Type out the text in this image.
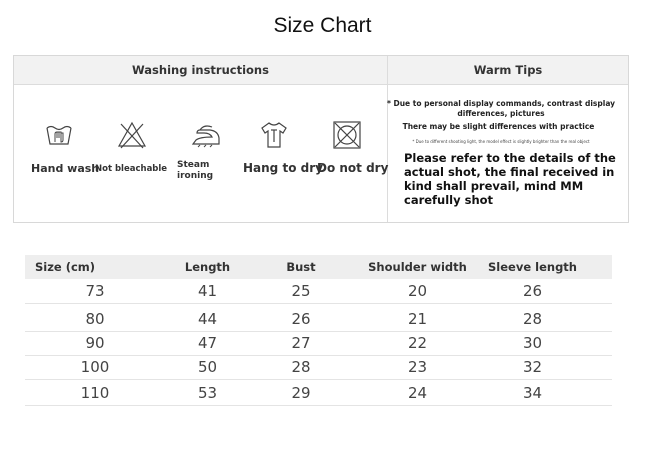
Size Chart
Washing instructions	Warm Tips
Hand wash
Not bleachable Steam ironing
Hang to dry
Do not dry
* Due to personal display commands, contrast display differences, pictures
There may be slight differences with practice
* Due to different shooting light, the model effect is slightly brighter than the real object
Please refer to the details of the actual shot, the final received in kind shall prevail, mind MM carefully shot
Size (cm)	Length	Bust	Shoulder width	Sleeve length
73	41	25	20	26
80	44	26	21	28
90	47	27	22	30
100	50	28	23	32
110	53	29	24	34
